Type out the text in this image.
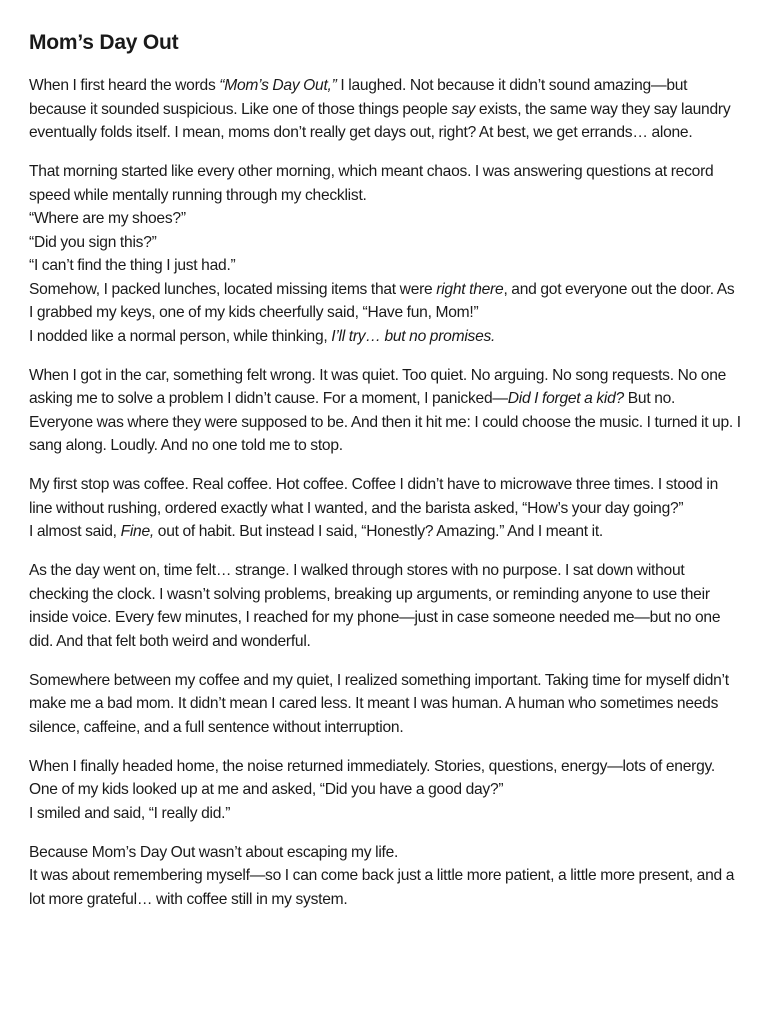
Mom’s Day Out

When I first heard the words “Mom’s Day Out,” I laughed. Not because it didn’t sound amazing—but because it sounded suspicious. Like one of those things people say exists, the same way they say laundry eventually folds itself. I mean, moms don’t really get days out, right? At best, we get errands… alone.

That morning started like every other morning, which meant chaos. I was answering questions at record speed while mentally running through my checklist.
“Where are my shoes?”
“Did you sign this?”
“I can’t find the thing I just had.”
Somehow, I packed lunches, located missing items that were right there, and got everyone out the door. As I grabbed my keys, one of my kids cheerfully said, “Have fun, Mom!”
I nodded like a normal person, while thinking, I’ll try… but no promises.

When I got in the car, something felt wrong. It was quiet. Too quiet. No arguing. No song requests. No one asking me to solve a problem I didn’t cause. For a moment, I panicked—Did I forget a kid? But no. Everyone was where they were supposed to be. And then it hit me: I could choose the music. I turned it up. I sang along. Loudly. And no one told me to stop.

My first stop was coffee. Real coffee. Hot coffee. Coffee I didn’t have to microwave three times. I stood in line without rushing, ordered exactly what I wanted, and the barista asked, “How’s your day going?”
I almost said, Fine, out of habit. But instead I said, “Honestly? Amazing.” And I meant it.

As the day went on, time felt… strange. I walked through stores with no purpose. I sat down without checking the clock. I wasn’t solving problems, breaking up arguments, or reminding anyone to use their inside voice. Every few minutes, I reached for my phone—just in case someone needed me—but no one did. And that felt both weird and wonderful.

Somewhere between my coffee and my quiet, I realized something important. Taking time for myself didn’t make me a bad mom. It didn’t mean I cared less. It meant I was human. A human who sometimes needs silence, caffeine, and a full sentence without interruption.

When I finally headed home, the noise returned immediately. Stories, questions, energy—lots of energy. One of my kids looked up at me and asked, “Did you have a good day?”
I smiled and said, “I really did.”

Because Mom’s Day Out wasn’t about escaping my life.
It was about remembering myself—so I can come back just a little more patient, a little more present, and a lot more grateful… with coffee still in my system.
